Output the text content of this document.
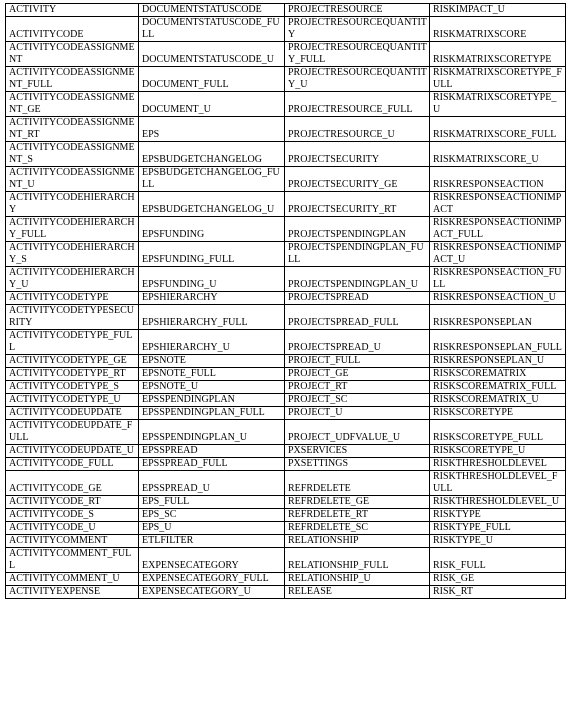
ACTIVITY	DOCUMENTSTATUSCODE	PROJECTRESOURCE	RISKIMPACT_U
ACTIVITYCODE	DOCUMENTSTATUSCODE_FULL	PROJECTRESOURCEQUANTITY	RISKMATRIXSCORE
ACTIVITYCODEASSIGNMENT	DOCUMENTSTATUSCODE_U	PROJECTRESOURCEQUANTITY_FULL	RISKMATRIXSCORETYPE
ACTIVITYCODEASSIGNMENT_FULL	DOCUMENT_FULL	PROJECTRESOURCEQUANTITY_U	RISKMATRIXSCORETYPE_FULL
ACTIVITYCODEASSIGNMENT_GE	DOCUMENT_U	PROJECTRESOURCE_FULL	RISKMATRIXSCORETYPE_U
ACTIVITYCODEASSIGNMENT_RT	EPS	PROJECTRESOURCE_U	RISKMATRIXSCORE_FULL
ACTIVITYCODEASSIGNMENT_S	EPSBUDGETCHANGELOG	PROJECTSECURITY	RISKMATRIXSCORE_U
ACTIVITYCODEASSIGNMENT_U	EPSBUDGETCHANGELOG_FULL	PROJECTSECURITY_GE	RISKRESPONSEACTION
ACTIVITYCODEHIERARCHY	EPSBUDGETCHANGELOG_U	PROJECTSECURITY_RT	RISKRESPONSEACTIONIMPACT
ACTIVITYCODEHIERARCHY_FULL	EPSFUNDING	PROJECTSPENDINGPLAN	RISKRESPONSEACTIONIMPACT_FULL
ACTIVITYCODEHIERARCHY_S	EPSFUNDING_FULL	PROJECTSPENDINGPLAN_FULL	RISKRESPONSEACTIONIMPACT_U
ACTIVITYCODEHIERARCHY_U	EPSFUNDING_U	PROJECTSPENDINGPLAN_U	RISKRESPONSEACTION_FULL
ACTIVITYCODETYPE	EPSHIERARCHY	PROJECTSPREAD	RISKRESPONSEACTION_U
ACTIVITYCODETYPESECURITY	EPSHIERARCHY_FULL	PROJECTSPREAD_FULL	RISKRESPONSEPLAN
ACTIVITYCODETYPE_FULL	EPSHIERARCHY_U	PROJECTSPREAD_U	RISKRESPONSEPLAN_FULL
ACTIVITYCODETYPE_GE	EPSNOTE	PROJECT_FULL	RISKRESPONSEPLAN_U
ACTIVITYCODETYPE_RT	EPSNOTE_FULL	PROJECT_GE	RISKSCOREMATRIX
ACTIVITYCODETYPE_S	EPSNOTE_U	PROJECT_RT	RISKSCOREMATRIX_FULL
ACTIVITYCODETYPE_U	EPSSPENDINGPLAN	PROJECT_SC	RISKSCOREMATRIX_U
ACTIVITYCODEUPDATE	EPSSPENDINGPLAN_FULL	PROJECT_U	RISKSCORETYPE
ACTIVITYCODEUPDATE_FULL	EPSSPENDINGPLAN_U	PROJECT_UDFVALUE_U	RISKSCORETYPE_FULL
ACTIVITYCODEUPDATE_U	EPSSPREAD	PXSERVICES	RISKSCORETYPE_U
ACTIVITYCODE_FULL	EPSSPREAD_FULL	PXSETTINGS	RISKTHRESHOLDLEVEL
ACTIVITYCODE_GE	EPSSPREAD_U	REFRDELETE	RISKTHRESHOLDLEVEL_FULL
ACTIVITYCODE_RT	EPS_FULL	REFRDELETE_GE	RISKTHRESHOLDLEVEL_U
ACTIVITYCODE_S	EPS_SC	REFRDELETE_RT	RISKTYPE
ACTIVITYCODE_U	EPS_U	REFRDELETE_SC	RISKTYPE_FULL
ACTIVITYCOMMENT	ETLFILTER	RELATIONSHIP	RISKTYPE_U
ACTIVITYCOMMENT_FULL	EXPENSECATEGORY	RELATIONSHIP_FULL	RISK_FULL
ACTIVITYCOMMENT_U	EXPENSECATEGORY_FULL	RELATIONSHIP_U	RISK_GE
ACTIVITYEXPENSE	EXPENSECATEGORY_U	RELEASE	RISK_RT
